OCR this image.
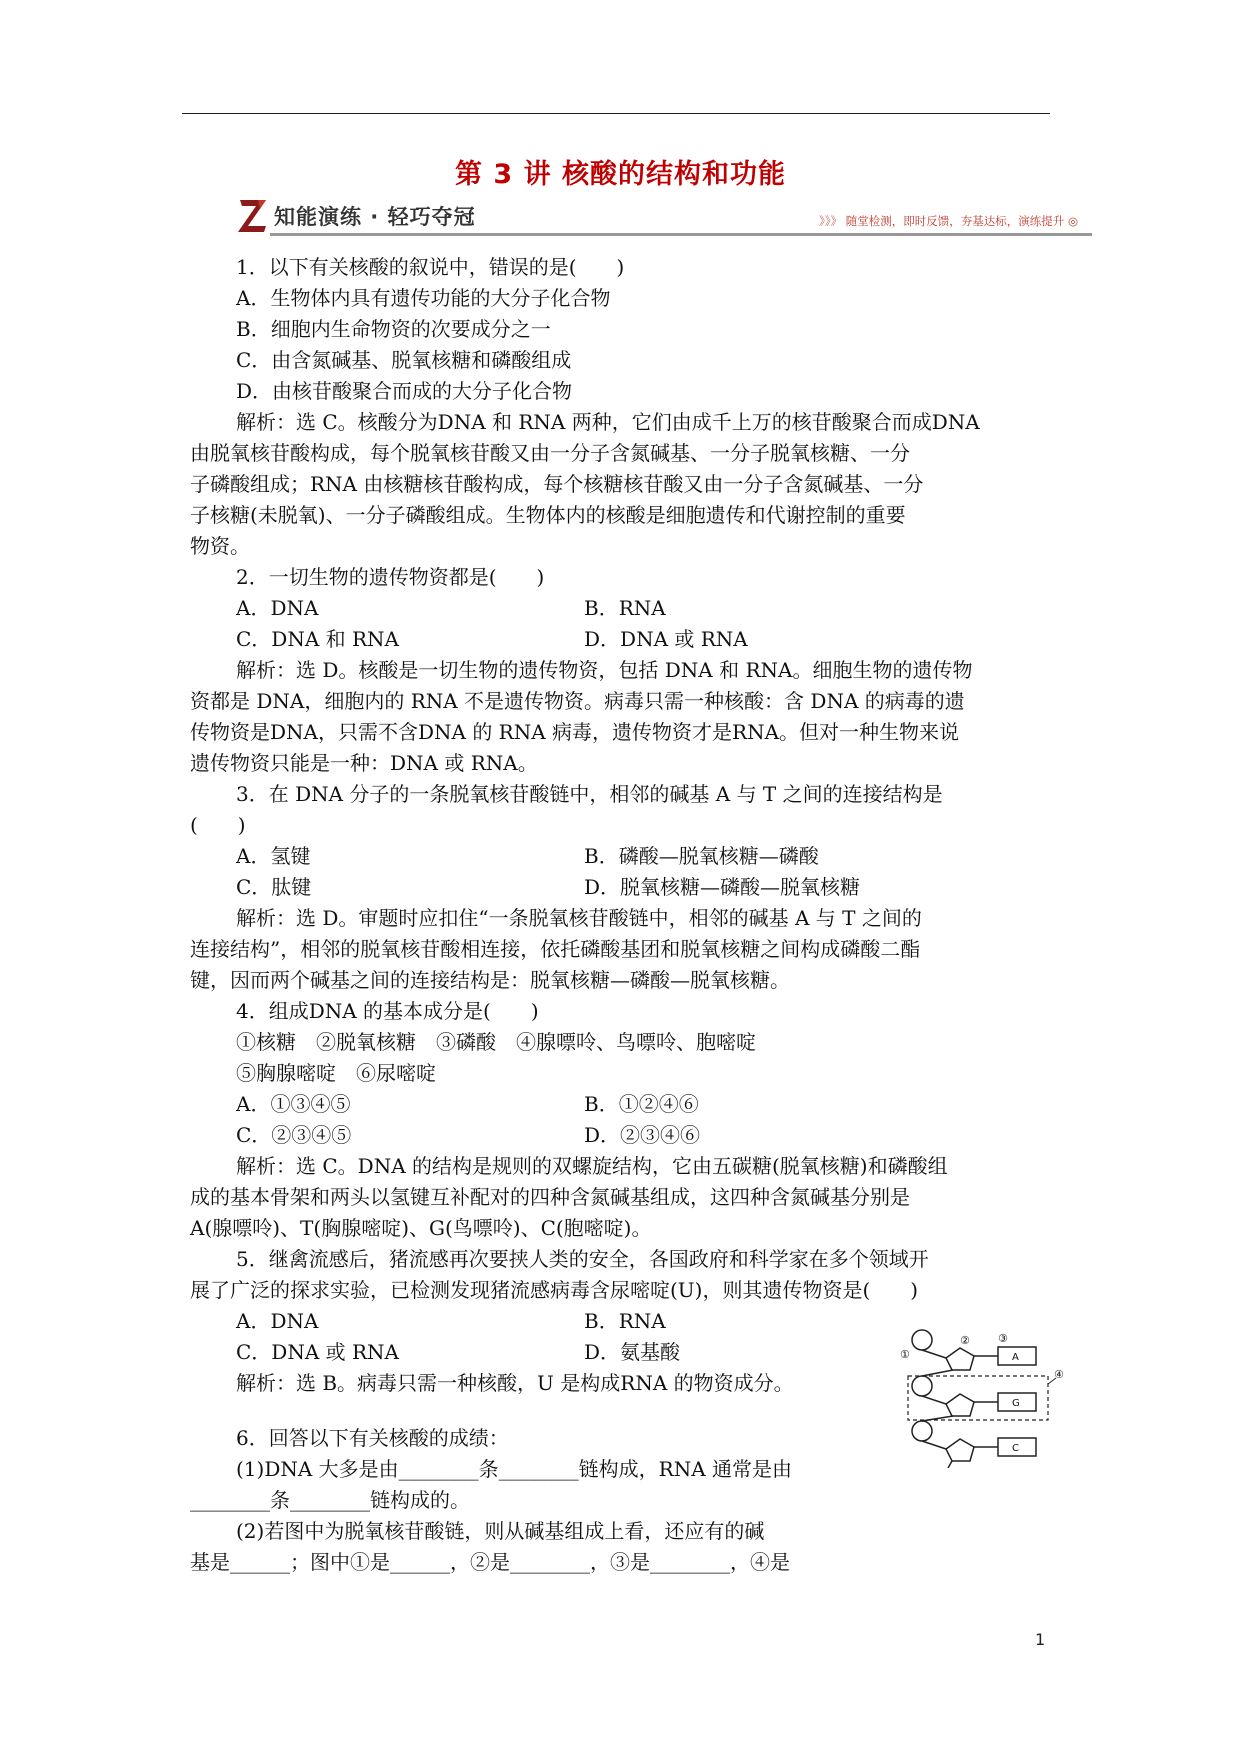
第 3 讲 核酸的结构和功能
知能演练 · 轻巧夺冠	》》》 随堂检测，即时反馈，夯基达标，演练提升 ◎
1．以下有关核酸的叙说中，错误的是(　　)
A．生物体内具有遗传功能的大分子化合物
B．细胞内生命物资的次要成分之一
C．由含氮碱基、脱氧核糖和磷酸组成
D．由核苷酸聚合而成的大分子化合物
解析：选 C。核酸分为DNA 和 RNA 两种，它们由成千上万的核苷酸聚合而成DNA
由脱氧核苷酸构成，每个脱氧核苷酸又由一分子含氮碱基、一分子脱氧核糖、一分
子磷酸组成；RNA 由核糖核苷酸构成，每个核糖核苷酸又由一分子含氮碱基、一分
子核糖(未脱氧)、一分子磷酸组成。生物体内的核酸是细胞遗传和代谢控制的重要
物资。
2．一切生物的遗传物资都是(　　)
A．DNA	B．RNA
C．DNA 和 RNA	D．DNA 或 RNA
解析：选 D。核酸是一切生物的遗传物资，包括 DNA 和 RNA。细胞生物的遗传物
资都是 DNA，细胞内的 RNA 不是遗传物资。病毒只需一种核酸：含 DNA 的病毒的遗
传物资是DNA，只需不含DNA 的 RNA 病毒，遗传物资才是RNA。但对一种生物来说
遗传物资只能是一种：DNA 或 RNA。
3．在 DNA 分子的一条脱氧核苷酸链中，相邻的碱基 A 与 T 之间的连接结构是
(　　)
A．氢键	B．磷酸—脱氧核糖—磷酸
C．肽键	D．脱氧核糖—磷酸—脱氧核糖
解析：选 D。审题时应扣住“一条脱氧核苷酸链中，相邻的碱基 A 与 T 之间的
连接结构”，相邻的脱氧核苷酸相连接，依托磷酸基团和脱氧核糖之间构成磷酸二酯
键，因而两个碱基之间的连接结构是：脱氧核糖—磷酸—脱氧核糖。
4．组成DNA 的基本成分是(　　)
①核糖　②脱氧核糖　③磷酸　④腺嘌呤、鸟嘌呤、胞嘧啶
⑤胸腺嘧啶　⑥尿嘧啶
A．①③④⑤	B．①②④⑥
C．②③④⑤	D．②③④⑥
解析：选 C。DNA 的结构是规则的双螺旋结构，它由五碳糖(脱氧核糖)和磷酸组
成的基本骨架和两头以氢键互补配对的四种含氮碱基组成，这四种含氮碱基分别是
A(腺嘌呤)、T(胸腺嘧啶)、G(鸟嘌呤)、C(胞嘧啶)。
5．继禽流感后，猪流感再次要挟人类的安全，各国政府和科学家在多个领域开
展了广泛的探求实验，已检测发现猪流感病毒含尿嘧啶(U)，则其遗传物资是(　　)
A．DNA	B．RNA
C．DNA 或 RNA	D．氨基酸
解析：选 B。病毒只需一种核酸，U 是构成RNA 的物资成分。
6．回答以下有关核酸的成绩：
(1)DNA 大多是由________条________链构成，RNA 通常是由
________条________链构成的。
(2)若图中为脱氧核苷酸链，则从碱基组成上看，还应有的碱
基是______；图中①是______，②是________，③是________，④是
①
②	③
④
A
G
C
1
